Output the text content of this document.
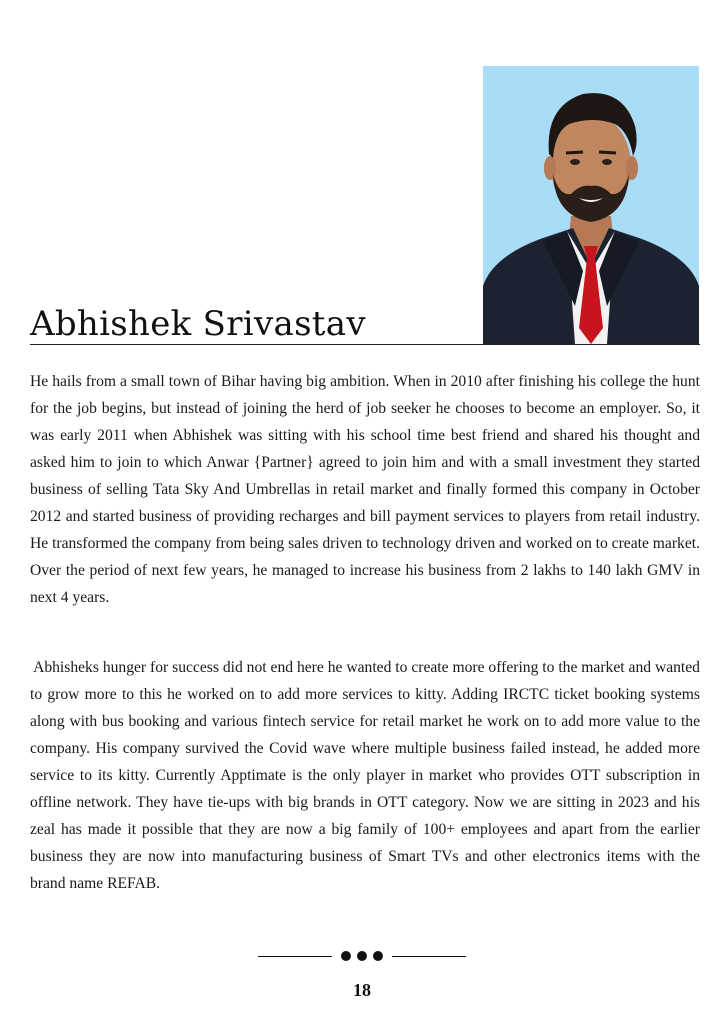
Abhishek Srivastav

He hails from a small town of Bihar having big ambition. When in 2010 after finishing his college the hunt for the job begins, but instead of joining the herd of job seeker he chooses to become an employer. So, it was early 2011 when Abhishek was sitting with his school time best friend and shared his thought and asked him to join to which Anwar {Partner} agreed to join him and with a small investment they started business of selling Tata Sky And Umbrellas in retail market and finally formed this company in October 2012 and started business of providing recharges and bill payment services to players from retail industry. He transformed the company from being sales driven to technology driven and worked on to create market. Over the period of next few years, he managed to increase his business from 2 lakhs to 140 lakh GMV in next 4 years.

Abhisheks hunger for success did not end here he wanted to create more offering to the market and wanted to grow more to this he worked on to add more services to kitty. Adding IRCTC ticket booking systems along with bus booking and various fintech service for retail market he work on to add more value to the company. His company survived the Covid wave where multiple business failed instead, he added more service to its kitty. Currently Apptimate is the only player in market who provides OTT subscription in offline network. They have tie-ups with big brands in OTT category. Now we are sitting in 2023 and his zeal has made it possible that they are now a big family of 100+ employees and apart from the earlier business they are now into manufacturing business of Smart TVs and other electronics items with the brand name REFAB.

18
